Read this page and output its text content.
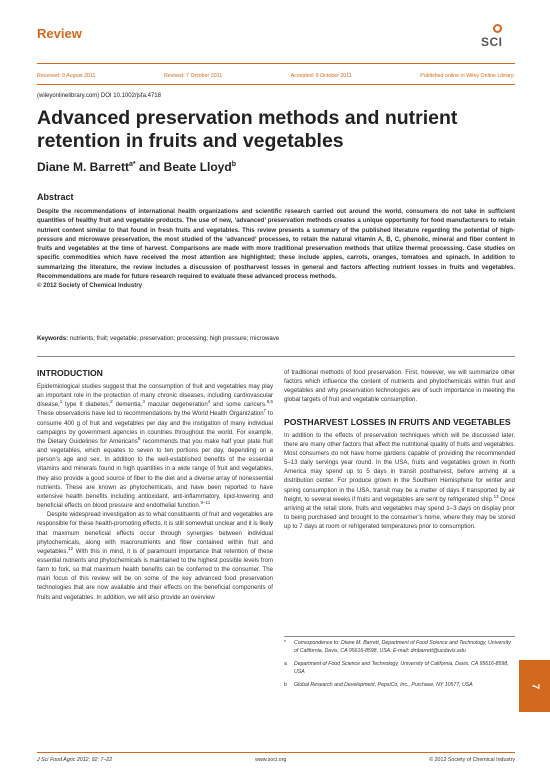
Review
SCI
Received: 9 August 2011	Revised: 7 October 2011	Accepted: 9 October 2011	Published online in Wiley Online Library:
(wileyonlinelibrary.com) DOI 10.1002/jsfa.4718
Advanced preservation methods and nutrient retention in fruits and vegetables
Diane M. Barrett$^{a*}$ and Beate Lloyd$^b$
Abstract
Despite the recommendations of international health organizations and scientific research carried out around the world, consumers do not take in sufficient quantities of healthy fruit and vegetable products. The use of new, ‘advanced’ preservation methods creates a unique opportunity for food manufacturers to retain nutrient content similar to that found in fresh fruits and vegetables. This review presents a summary of the published literature regarding the potential of high-pressure and microwave preservation, the most studied of the ‘advanced’ processes, to retain the natural vitamin A, B, C, phenolic, mineral and fiber content in fruits and vegetables at the time of harvest. Comparisons are made with more traditional preservation methods that utilize thermal processing. Case studies on specific commodities which have received the most attention are highlighted; these include apples, carrots, oranges, tomatoes and spinach. In addition to summarizing the literature, the review includes a discussion of postharvest losses in general and factors affecting nutrient losses in fruits and vegetables. Recommendations are made for future research required to evaluate these advanced process methods.
© 2012 Society of Chemical Industry
Keywords: nutrients; fruit; vegetable; preservation; processing; high pressure; microwave
INTRODUCTION

Epidemiological studies suggest that the consumption of fruit and vegetables may play an important role in the protection of many chronic diseases, including cardiovascular disease,$^1$ type II diabetes,$^2$ dementia,$^3$ macular degeneration$^4$ and some cancers.$^{5,6}$ These observations have led to recommendations by the World Health Organization$^7$ to consume 400 g of fruit and vegetables per day and the instigation of many individual campaigns by government agencies in countries throughout the world. For example, the Dietary Guidelines for Americans$^8$ recommends that you make half your plate fruit and vegetables, which equates to seven to ten portions per day, depending on a person’s age and sex. In addition to the well-established benefits of the essential vitamins and minerals found in high quantities in a wide range of fruit and vegetables, they also provide a good source of fiber to the diet and a diverse array of nonessential nutrients. These are known as phytochemicals, and have been reported to have extensive health benefits including antioxidant, anti-inflammatory, lipid-lowering and beneficial effects on blood pressure and endothelial function.$^{9-11}$

Despite widespread investigation as to what constituents of fruit and vegetables are responsible for these health-promoting effects, it is still somewhat unclear and it is likely that maximum beneficial effects occur through synergies between individual phytochemicals, along with macronutrients and fiber contained within fruit and vegetables.$^{12}$ With this in mind, it is of paramount importance that retention of these essential nutrients and phytochemicals is maintained to the highest possible levels from farm to fork, so that maximum health benefits can be conferred to the consumer. The main focus of this review will be on some of the key advanced food preservation technologies that are now available and their effects on the beneficial components of fruits and vegetables. In addition, we will also provide an overview

of traditional methods of food preservation. First, however, we will summarize other factors which influence the content of nutrients and phytochemicals within fruit and vegetables and why preservation technologies are of such importance in meeting the global targets of fruit and vegetable consumption.

POSTHARVEST LOSSES IN FRUITS AND VEGETABLES

In addition to the effects of preservation techniques which will be discussed later, there are many other factors that affect the nutritional quality of fruits and vegetables. Most consumers do not have home gardens capable of providing the recommended 5–13 daily servings year round. In the USA, fruits and vegetables grown in North America may spend up to 5 days in transit postharvest, before arriving at a distribution center. For produce grown in the Southern Hemisphere for winter and spring consumption in the USA, transit may be a matter of days if transported by air freight, to several weeks if fruits and vegetables are sent by refrigerated ship.$^{13}$ Once arriving at the retail store, fruits and vegetables may spend 1–3 days on display prior to being purchased and brought to the consumer’s home, where they may be stored up to 7 days at room or refrigerated temperatures prior to consumption.

*	Correspondence to: Diane M. Barrett, Department of Food Science and Technology, University of California, Davis, CA 95616-8598, USA. E-mail: dmbarrett@ucdavis.edu
a	Department of Food Science and Technology, University of California, Davis, CA 95616-8598, USA
b	Global Research and Development, PepsiCo, Inc., Purchase, NY 10577, USA	7
J Sci Food Agric 2012; 92: 7–22	www.soci.org	© 2012 Society of Chemical Industry
